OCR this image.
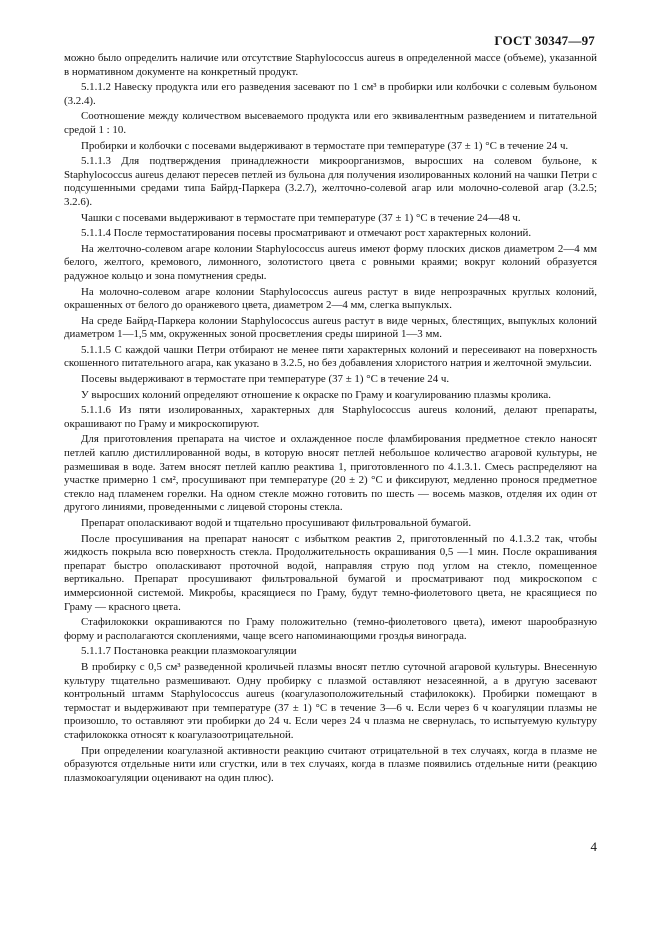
ГОСТ 30347—97

можно было определить наличие или отсутствие Staphylococcus aureus в определенной массе (объеме), указанной в нормативном документе на конкретный продукт.

5.1.1.2 Навеску продукта или его разведения засевают по 1 см³ в пробирки или колбочки с солевым бульоном (3.2.4).

Соотношение между количеством высеваемого продукта или его эквивалентным разведением и питательной средой 1 : 10.

Пробирки и колбочки с посевами выдерживают в термостате при температуре (37 ± 1) °С в течение 24 ч.

5.1.1.3 Для подтверждения принадлежности микроорганизмов, выросших на солевом бульоне, к Staphylococcus aureus делают пересев петлей из бульона для получения изолированных колоний на чашки Петри с подсушенными средами типа Байрд-Паркера (3.2.7), желточно-солевой агар или молочно-солевой агар (3.2.5; 3.2.6).

Чашки с посевами выдерживают в термостате при температуре (37 ± 1) °С в течение 24—48 ч.

5.1.1.4 После термостатирования посевы просматривают и отмечают рост характерных колоний.

На желточно-солевом агаре колонии Staphylococcus aureus имеют форму плоских дисков диаметром 2—4 мм белого, желтого, кремового, лимонного, золотистого цвета с ровными краями; вокруг колоний образуется радужное кольцо и зона помутнения среды.

На молочно-солевом агаре колонии Staphylococcus aureus растут в виде непрозрачных круглых колоний, окрашенных от белого до оранжевого цвета, диаметром 2—4 мм, слегка выпуклых.

На среде Байрд-Паркера колонии Staphylococcus aureus растут в виде черных, блестящих, выпуклых колоний диаметром 1—1,5 мм, окруженных зоной просветления среды шириной 1—3 мм.

5.1.1.5 С каждой чашки Петри отбирают не менее пяти характерных колоний и пересеивают на поверхность скошенного питательного агара, как указано в 3.2.5, но без добавления хлористого натрия и желточной эмульсии.

Посевы выдерживают в термостате при температуре (37 ± 1) °С в течение 24 ч.

У выросших колоний определяют отношение к окраске по Граму и коагулированию плазмы кролика.

5.1.1.6 Из пяти изолированных, характерных для Staphylococcus aureus колоний, делают препараты, окрашивают по Граму и микроскопируют.

Для приготовления препарата на чистое и охлажденное после фламбирования предметное стекло наносят петлей каплю дистиллированной воды, в которую вносят петлей небольшое количество агаровой культуры, не размешивая в воде. Затем вносят петлей каплю реактива 1, приготовленного по 4.1.3.1. Смесь распределяют на участке примерно 1 см², просушивают при температуре (20 ± 2) °С и фиксируют, медленно пронося предметное стекло над пламенем горелки. На одном стекле можно готовить по шесть — восемь мазков, отделяя их один от другого линиями, проведенными с лицевой стороны стекла.

Препарат ополаскивают водой и тщательно просушивают фильтровальной бумагой.

После просушивания на препарат наносят с избытком реактив 2, приготовленный по 4.1.3.2 так, чтобы жидкость покрыла всю поверхность стекла. Продолжительность окрашивания 0,5 —1 мин. После окрашивания препарат быстро ополаскивают проточной водой, направляя струю под углом на стекло, помещенное вертикально. Препарат просушивают фильтровальной бумагой и просматривают под микроскопом с иммерсионной системой. Микробы, красящиеся по Граму, будут темно-фиолетового цвета, не красящиеся по Граму — красного цвета.

Стафилококки окрашиваются по Граму положительно (темно-фиолетового цвета), имеют шарообразную форму и располагаются скоплениями, чаще всего напоминающими гроздья винограда.

5.1.1.7 Постановка реакции плазмокоагуляции

В пробирку с 0,5 см³ разведенной кроличьей плазмы вносят петлю суточной агаровой культуры. Внесенную культуру тщательно размешивают. Одну пробирку с плазмой оставляют незасеянной, а в другую засевают контрольный штамм Staphylococcus aureus (коагулазоположительный стафилококк). Пробирки помещают в термостат и выдерживают при температуре (37 ± 1) °С в течение 3—6 ч. Если через 6 ч коагуляции плазмы не произошло, то оставляют эти пробирки до 24 ч. Если через 24 ч плазма не свернулась, то испытуемую культуру стафилококка относят к коагулазоотрицательной.

При определении коагулазной активности реакцию считают отрицательной в тех случаях, когда в плазме не образуются отдельные нити или сгустки, или в тех случаях, когда в плазме появились отдельные нити (реакцию плазмокоагуляции оценивают на один плюс).

4
